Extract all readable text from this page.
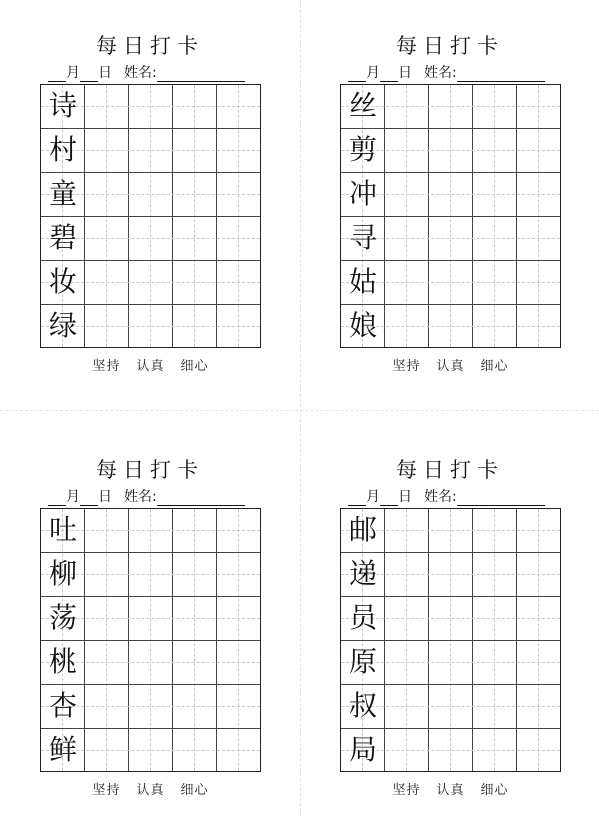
每日打卡
月 日 姓名:
诗
村
童
碧
妆
绿
坚持 认真 细心
每日打卡
月 日 姓名:
丝
剪
冲
寻
姑
娘
坚持 认真 细心
每日打卡
月 日 姓名:
吐
柳
荡
桃
杏
鲜
坚持 认真 细心
每日打卡
月 日 姓名:
邮
递
员
原
叔
局
坚持 认真 细心
